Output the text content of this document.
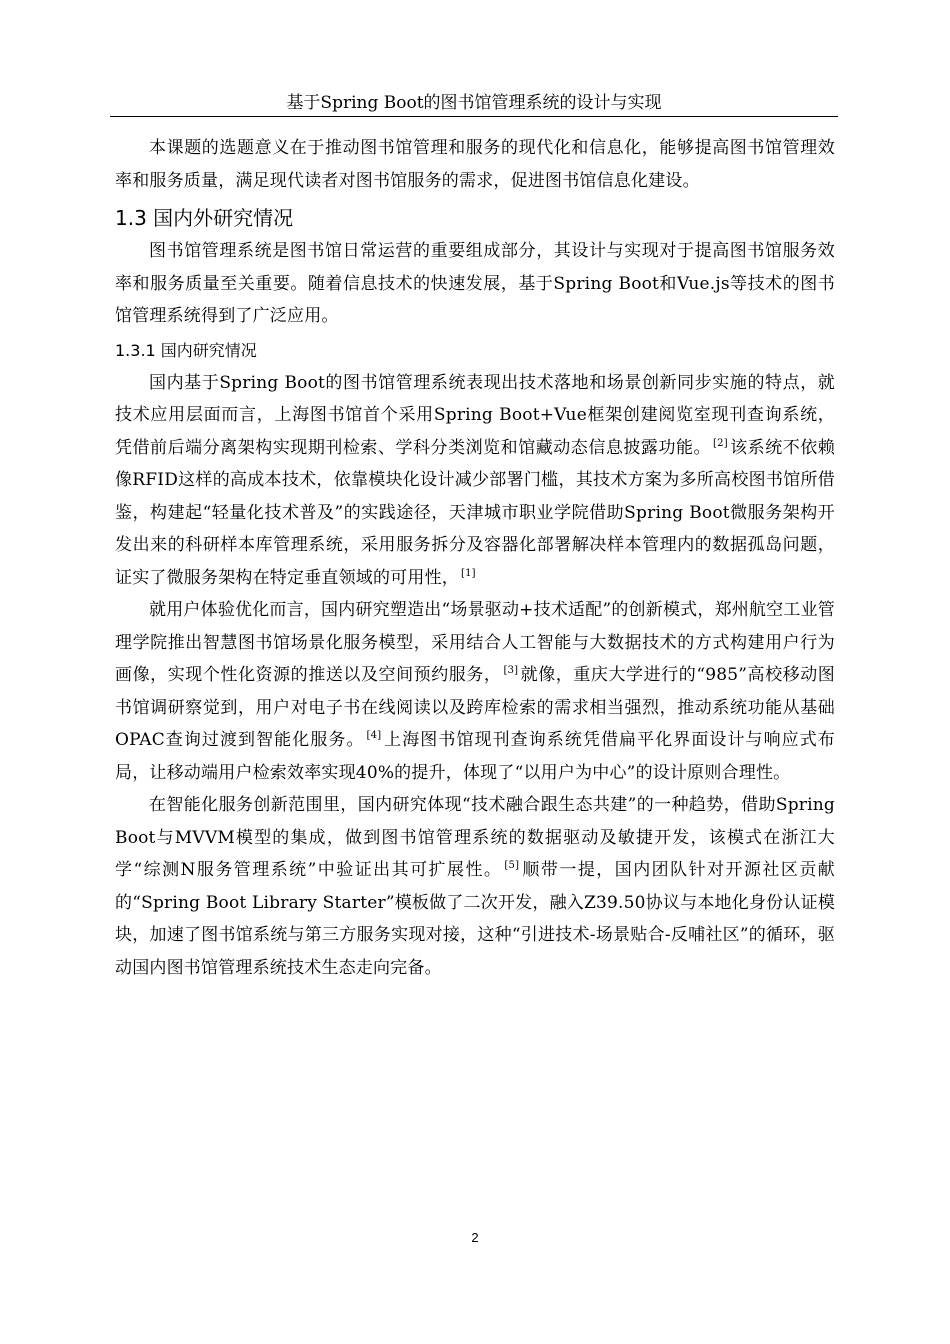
基于Spring Boot的图书馆管理系统的设计与实现

本课题的选题意义在于推动图书馆管理和服务的现代化和信息化，能够提高图书馆管理效率和服务质量，满足现代读者对图书馆服务的需求，促进图书馆信息化建设。

1.3 国内外研究情况

图书馆管理系统是图书馆日常运营的重要组成部分，其设计与实现对于提高图书馆服务效率和服务质量至关重要。随着信息技术的快速发展，基于Spring Boot和Vue.js等技术的图书馆管理系统得到了广泛应用。

1.3.1 国内研究情况

国内基于Spring Boot的图书馆管理系统表现出技术落地和场景创新同步实施的特点，就技术应用层面而言，上海图书馆首个采用Spring Boot+Vue框架创建阅览室现刊查询系统，凭借前后端分离架构实现期刊检索、学科分类浏览和馆藏动态信息披露功能。 [2] 该系统不依赖像RFID这样的高成本技术，依靠模块化设计减少部署门槛，其技术方案为多所高校图书馆所借鉴，构建起“轻量化技术普及”的实践途径，天津城市职业学院借助Spring Boot微服务架构开发出来的科研样本库管理系统，采用服务拆分及容器化部署解决样本管理内的数据孤岛问题，证实了微服务架构在特定垂直领域的可用性， [1]

就用户体验优化而言，国内研究塑造出“场景驱动+技术适配”的创新模式，郑州航空工业管理学院推出智慧图书馆场景化服务模型，采用结合人工智能与大数据技术的方式构建用户行为画像，实现个性化资源的推送以及空间预约服务， [3] 就像，重庆大学进行的“985”高校移动图书馆调研察觉到，用户对电子书在线阅读以及跨库检索的需求相当强烈，推动系统功能从基础OPAC查询过渡到智能化服务。 [4] 上海图书馆现刊查询系统凭借扁平化界面设计与响应式布局，让移动端用户检索效率实现40%的提升，体现了“以用户为中心”的设计原则合理性。

在智能化服务创新范围里，国内研究体现“技术融合跟生态共建”的一种趋势，借助Spring Boot与MVVM模型的集成，做到图书馆管理系统的数据驱动及敏捷开发，该模式在浙江大学“综测N服务管理系统”中验证出其可扩展性。 [5] 顺带一提，国内团队针对开源社区贡献的“Spring Boot Library Starter”模板做了二次开发，融入Z39.50协议与本地化身份认证模块，加速了图书馆系统与第三方服务实现对接，这种“引进技术-场景贴合-反哺社区”的循环，驱动国内图书馆管理系统技术生态走向完备。

2
